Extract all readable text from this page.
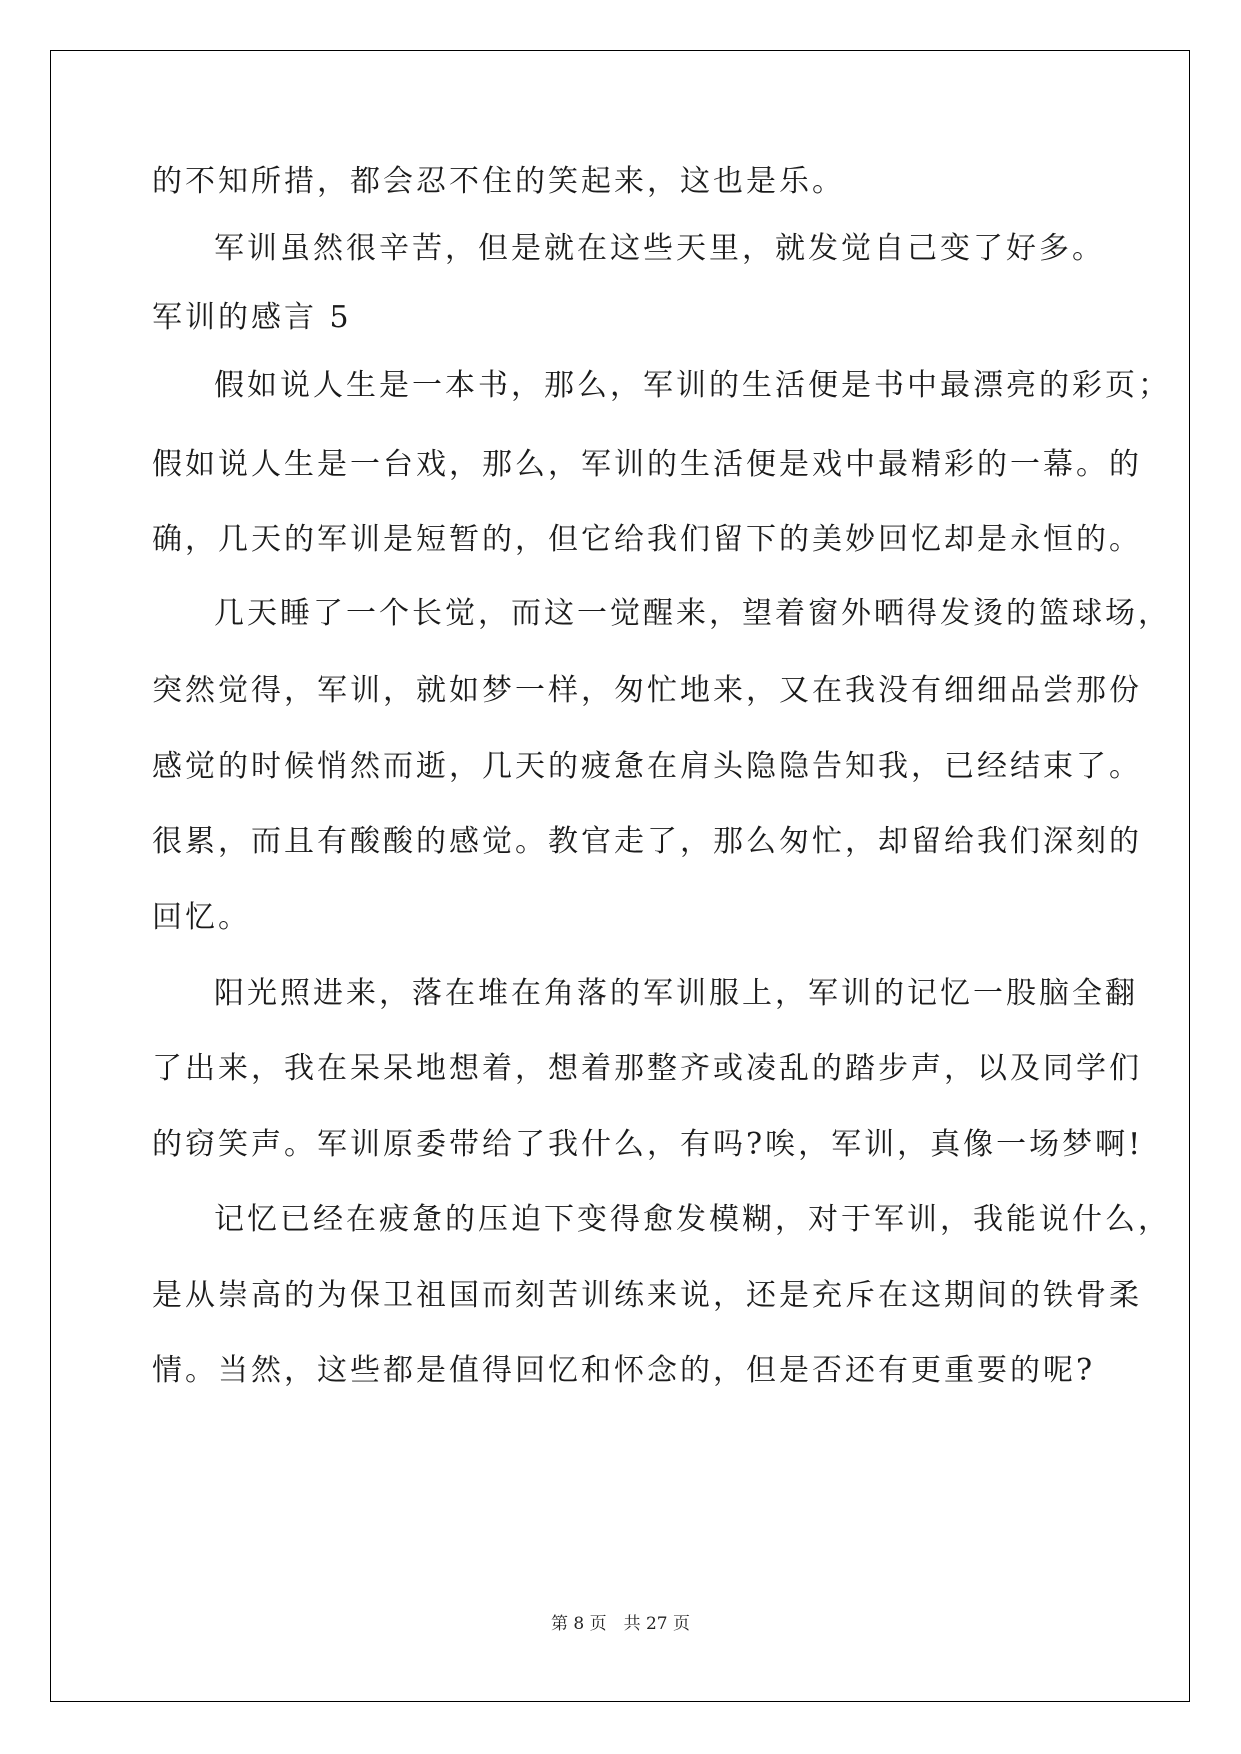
的不知所措，都会忍不住的笑起来，这也是乐。
军训虽然很辛苦，但是就在这些天里，就发觉自己变了好多。
军训的感言 5
假如说人生是一本书，那么，军训的生活便是书中最漂亮的彩页；
假如说人生是一台戏，那么，军训的生活便是戏中最精彩的一幕。的
确，几天的军训是短暂的，但它给我们留下的美妙回忆却是永恒的。
几天睡了一个长觉，而这一觉醒来，望着窗外晒得发烫的篮球场，
突然觉得，军训，就如梦一样，匆忙地来，又在我没有细细品尝那份
感觉的时候悄然而逝，几天的疲惫在肩头隐隐告知我，已经结束了。
很累，而且有酸酸的感觉。教官走了，那么匆忙，却留给我们深刻的
回忆。
阳光照进来，落在堆在角落的军训服上，军训的记忆一股脑全翻
了出来，我在呆呆地想着，想着那整齐或凌乱的踏步声，以及同学们
的窃笑声。军训原委带给了我什么，有吗?唉，军训，真像一场梦啊!
记忆已经在疲惫的压迫下变得愈发模糊，对于军训，我能说什么，
是从崇高的为保卫祖国而刻苦训练来说，还是充斥在这期间的铁骨柔
情。当然，这些都是值得回忆和怀念的，但是否还有更重要的呢?
第 8 页　共 27 页
